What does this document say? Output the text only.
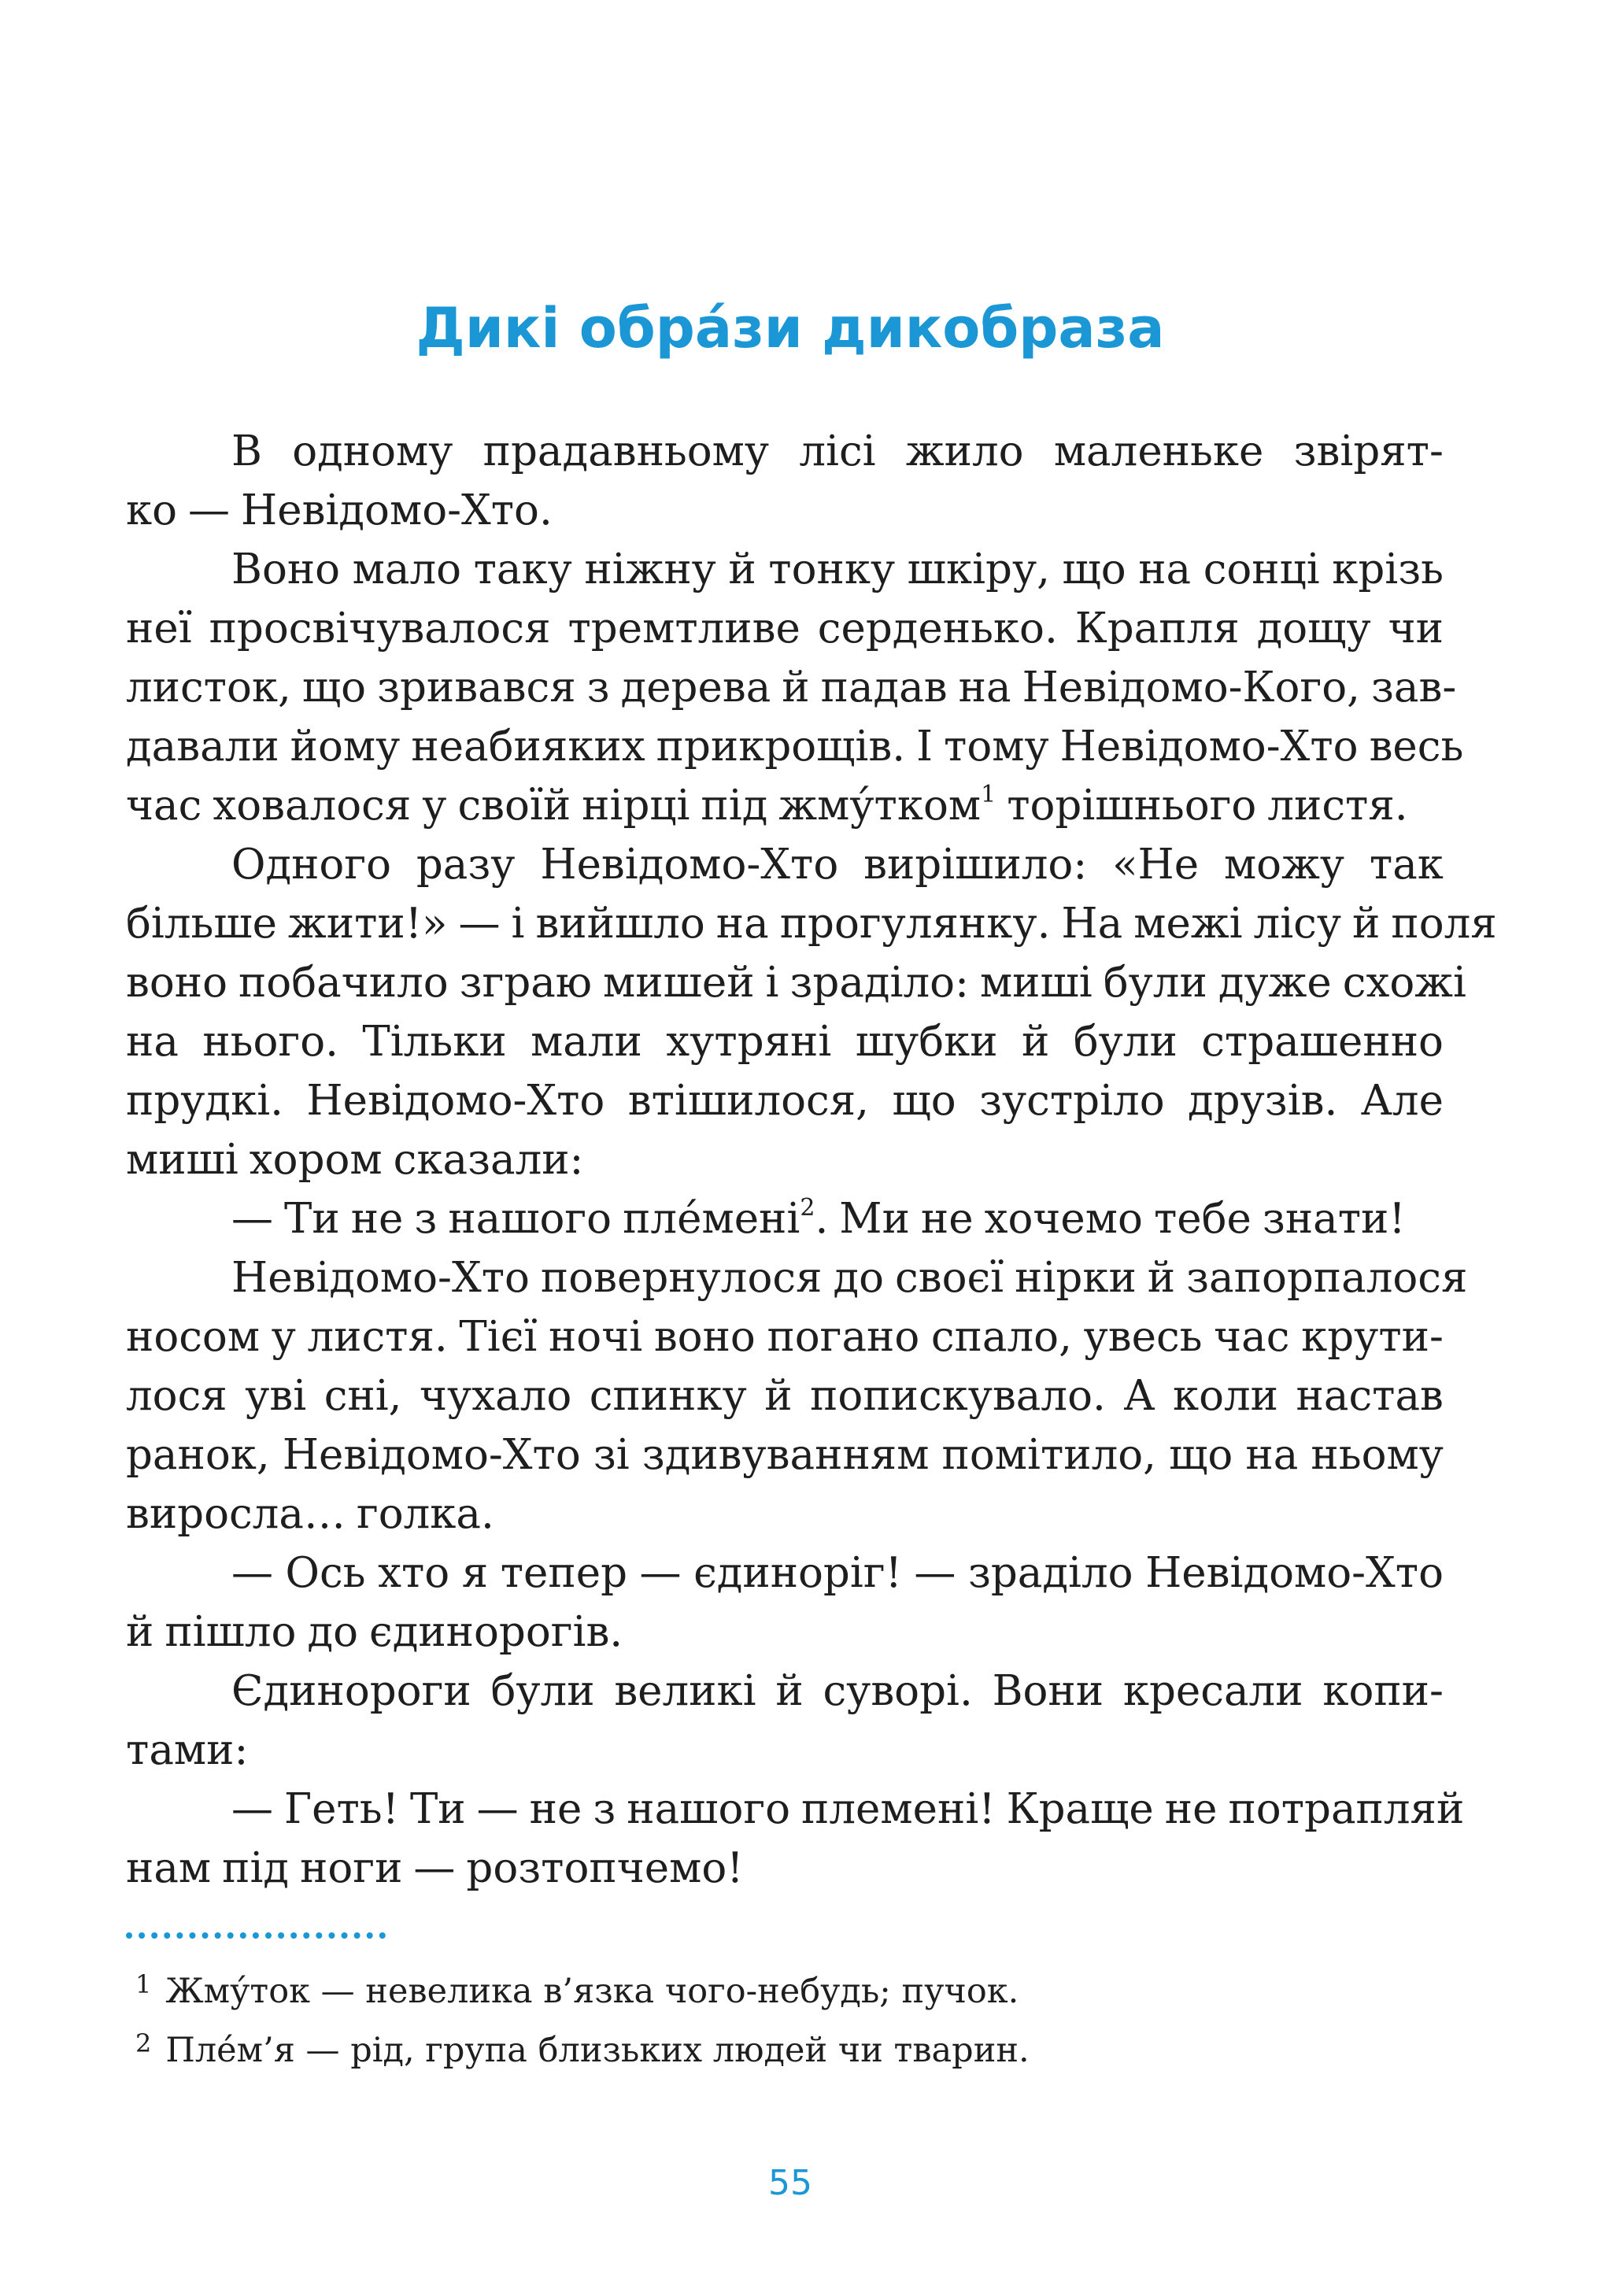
Дикі обра́зи дикобраза
В одному прадавньому лісі жило маленьке звірят-
ко — Невідомо-Хто.
Воно мало таку ніжну й тонку шкіру, що на сонці крізь
неї просвічувалося тремтливе серденько. Крапля дощу чи
листок, що зривався з дерева й падав на Невідомо-Кого, зав-
давали йому неабияких прикрощів. І тому Невідомо-Хто весь
час ховалося у своїй нірці під жму́тком$^1$ торішнього листя.
Одного разу Невідомо-Хто вирішило: «Не можу так
більше жити!» — і вийшло на прогулянку. На межі лісу й поля
воно побачило зграю мишей і зраділо: миші були дуже схожі
на нього. Тільки мали хутряні шубки й були страшенно
прудкі. Невідомо-Хто втішилося, що зустріло друзів. Але
миші хором сказали:
— Ти не з нашого пле́мені$^2$. Ми не хочемо тебе знати!
Невідомо-Хто повернулося до своєї нірки й запорпалося
носом у листя. Тієї ночі воно погано спало, увесь час крути-
лося уві сні, чухало спинку й попискувало. А коли настав
ранок, Невідомо-Хто зі здивуванням помітило, що на ньому
виросла… голка.
— Ось хто я тепер — єдиноріг! — зраділо Невідомо-Хто
й пішло до єдинорогів.
Єдинороги були великі й суворі. Вони кресали копи-
тами:
— Геть! Ти — не з нашого племені! Краще не потрапляй
нам під ноги — розтопчемо!
$^1$ Жму́ток — невелика в’язка чого-небудь; пучок.
$^2$ Пле́м’я — рід, група близьких людей чи тварин.
55
